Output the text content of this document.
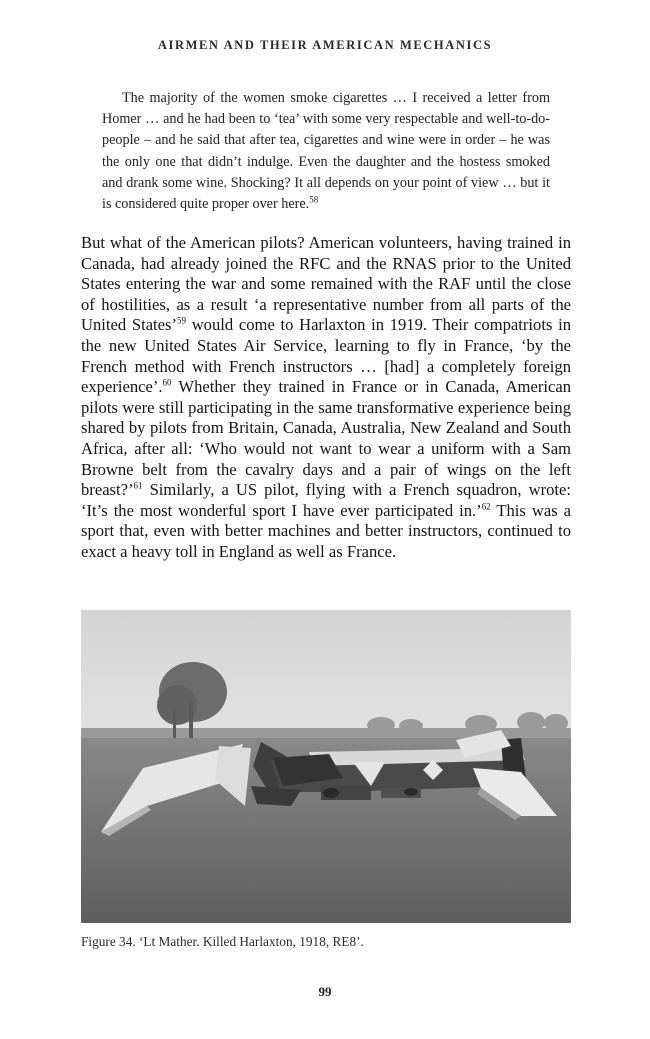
AIRMEN AND THEIR AMERICAN MECHANICS

The majority of the women smoke cigarettes … I received a letter from Homer … and he had been to ‘tea’ with some very respectable and well-to-do-people – and he said that after tea, cigarettes and wine were in order – he was the only one that didn’t indulge. Even the daughter and the hostess smoked and drank some wine. Shocking? It all depends on your point of view … but it is considered quite proper over here.$^{58}$

But what of the American pilots? American volunteers, having trained in Canada, had already joined the RFC and the RNAS prior to the United States entering the war and some remained with the RAF until the close of hostilities, as a result ‘a representative number from all parts of the United States’$^{59}$ would come to Harlaxton in 1919. Their compatriots in the new United States Air Service, learning to fly in France, ‘by the French method with French instructors … [had] a completely foreign experience’.$^{60}$ Whether they trained in France or in Canada, American pilots were still participating in the same transformative experience being shared by pilots from Britain, Canada, Australia, New Zealand and South Africa, after all: ‘Who would not want to wear a uniform with a Sam Browne belt from the cavalry days and a pair of wings on the left breast?’$^{61}$ Similarly, a US pilot, flying with a French squadron, wrote: ‘It’s the most wonderful sport I have ever participated in.’$^{62}$ This was a sport that, even with better machines and better instructors, continued to exact a heavy toll in England as well as France.

Figure 34. ‘Lt Mather. Killed Harlaxton, 1918, RE8’.
99
